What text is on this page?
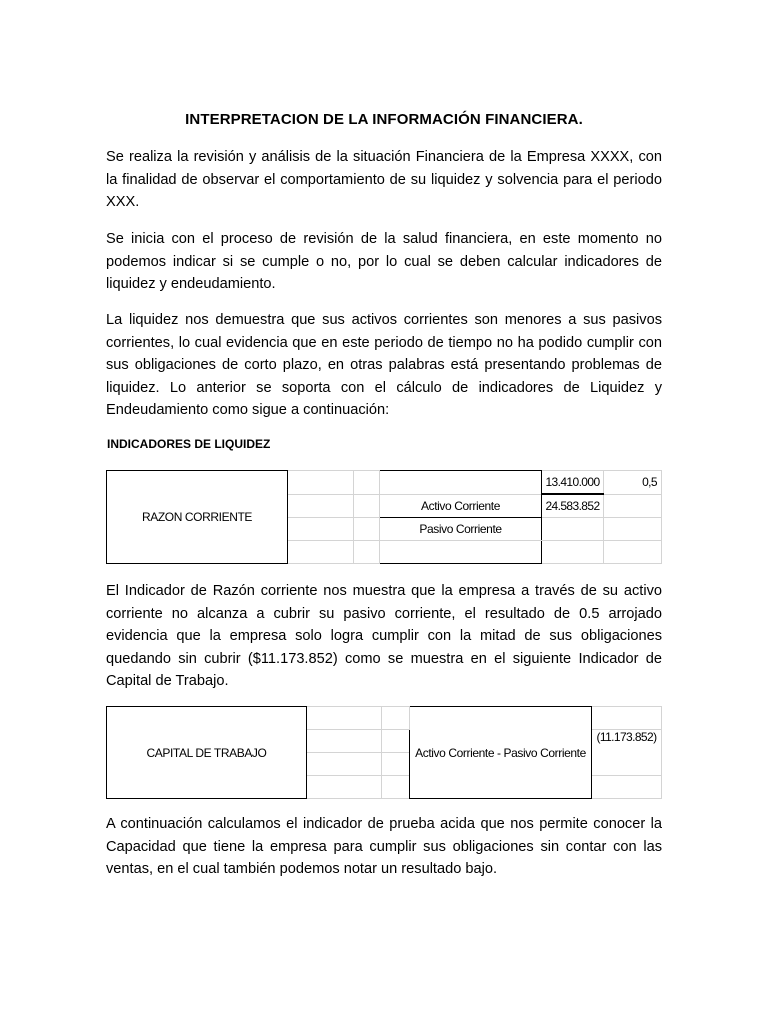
INTERPRETACION DE LA INFORMACIÓN FINANCIERA.

Se realiza la revisión y análisis de la situación Financiera de la Empresa XXXX, con la finalidad de observar el comportamiento de su liquidez y solvencia para el periodo XXX.

Se inicia con el proceso de revisión de la salud financiera, en este momento no podemos indicar si se cumple o no, por lo cual se deben calcular indicadores de liquidez y endeudamiento.

La liquidez nos demuestra que sus activos corrientes son menores a sus pasivos corrientes, lo cual evidencia que en este periodo de tiempo no ha podido cumplir con sus obligaciones de corto plazo, en otras palabras está presentando problemas de liquidez. Lo anterior se soporta con el cálculo de indicadores de Liquidez y Endeudamiento como sigue a continuación:

INDICADORES DE LIQUIDEZ
RAZON CORRIENTE				13.410.000	0,5
			Activo Corriente	24.583.852	
			Pasivo Corriente		

El Indicador de Razón corriente nos muestra que la empresa a través de su activo corriente no alcanza a cubrir su pasivo corriente, el resultado de 0.5 arrojado evidencia que la empresa solo logra cumplir con la mitad de sus obligaciones quedando sin cubrir ($11.173.852) como se muestra en el siguiente Indicador de Capital de Trabajo.

CAPITAL DE TRABAJO			Activo Corriente - Pasivo Corriente	
				(11.173.852)

A continuación calculamos el indicador de prueba acida que nos permite conocer la Capacidad que tiene la empresa para cumplir sus obligaciones sin contar con las ventas, en el cual también podemos notar un resultado bajo.
